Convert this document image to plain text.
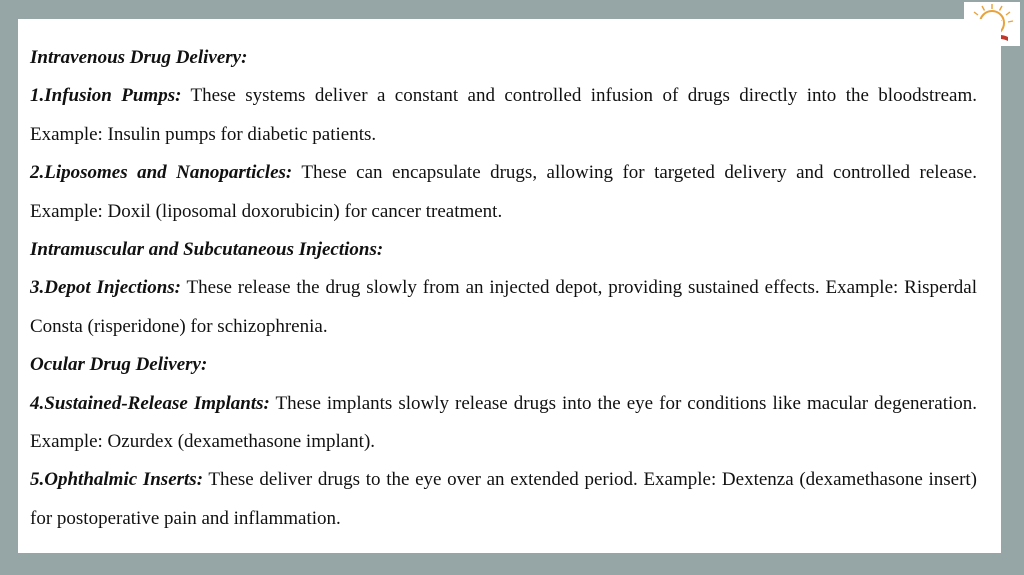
Intravenous Drug Delivery:

1.Infusion Pumps: These systems deliver a constant and controlled infusion of drugs directly into the bloodstream. Example: Insulin pumps for diabetic patients.

2.Liposomes and Nanoparticles: These can encapsulate drugs, allowing for targeted delivery and controlled release. Example: Doxil (liposomal doxorubicin) for cancer treatment.

Intramuscular and Subcutaneous Injections:

3.Depot Injections: These release the drug slowly from an injected depot, providing sustained effects. Example: Risperdal Consta (risperidone) for schizophrenia.

Ocular Drug Delivery:

4.Sustained-Release Implants: These implants slowly release drugs into the eye for conditions like macular degeneration. Example: Ozurdex (dexamethasone implant).

5.Ophthalmic Inserts: These deliver drugs to the eye over an extended period. Example: Dextenza (dexamethasone insert) for postoperative pain and inflammation.
